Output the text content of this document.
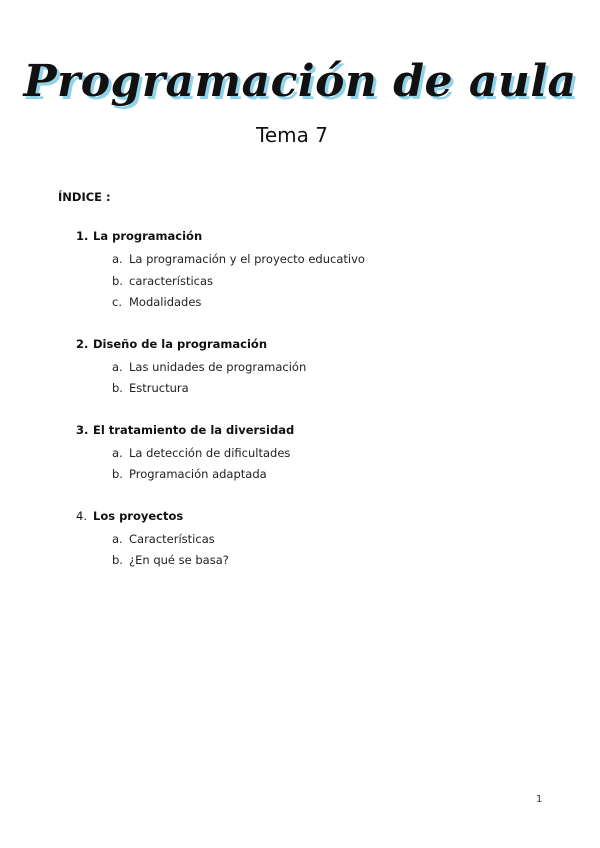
Programación de aula
Tema 7
ÍNDICE :
1. La programación
a. La programación y el proyecto educativo
b. características
c. Modalidades
2. Diseño de la programación
a. Las unidades de programación
b. Estructura
3. El tratamiento de la diversidad
a. La detección de dificultades
b. Programación adaptada
4. Los proyectos
a. Características
b. ¿En qué se basa?
1
